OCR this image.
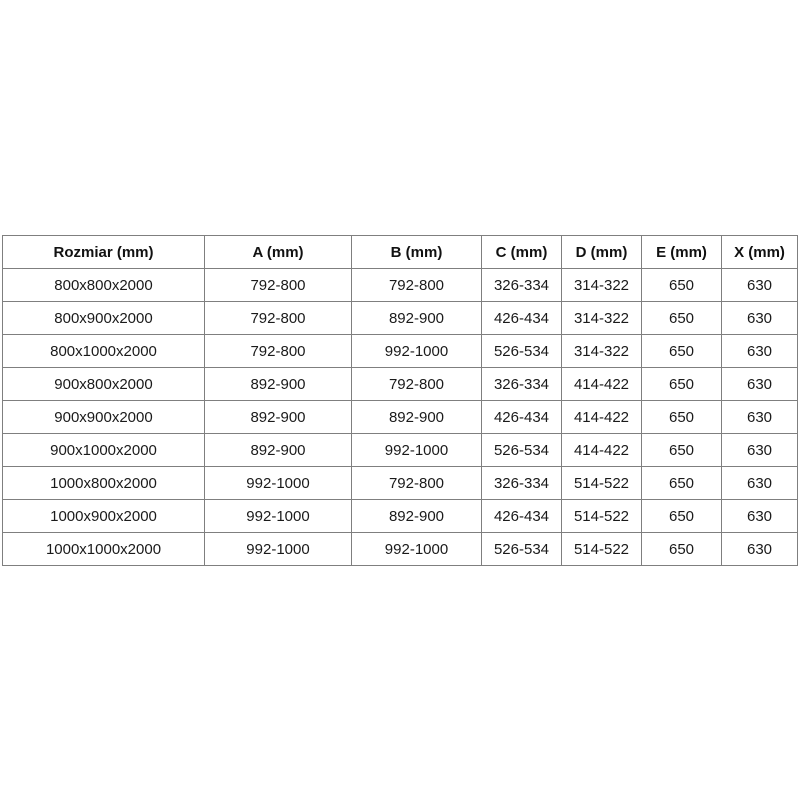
Rozmiar (mm)	A (mm)	B (mm)	C (mm)	D (mm)	E (mm)	X (mm)
800x800x2000	792-800	792-800	326-334	314-322	650	630
800x900x2000	792-800	892-900	426-434	314-322	650	630
800x1000x2000	792-800	992-1000	526-534	314-322	650	630
900x800x2000	892-900	792-800	326-334	414-422	650	630
900x900x2000	892-900	892-900	426-434	414-422	650	630
900x1000x2000	892-900	992-1000	526-534	414-422	650	630
1000x800x2000	992-1000	792-800	326-334	514-522	650	630
1000x900x2000	992-1000	892-900	426-434	514-522	650	630
1000x1000x2000	992-1000	992-1000	526-534	514-522	650	630
